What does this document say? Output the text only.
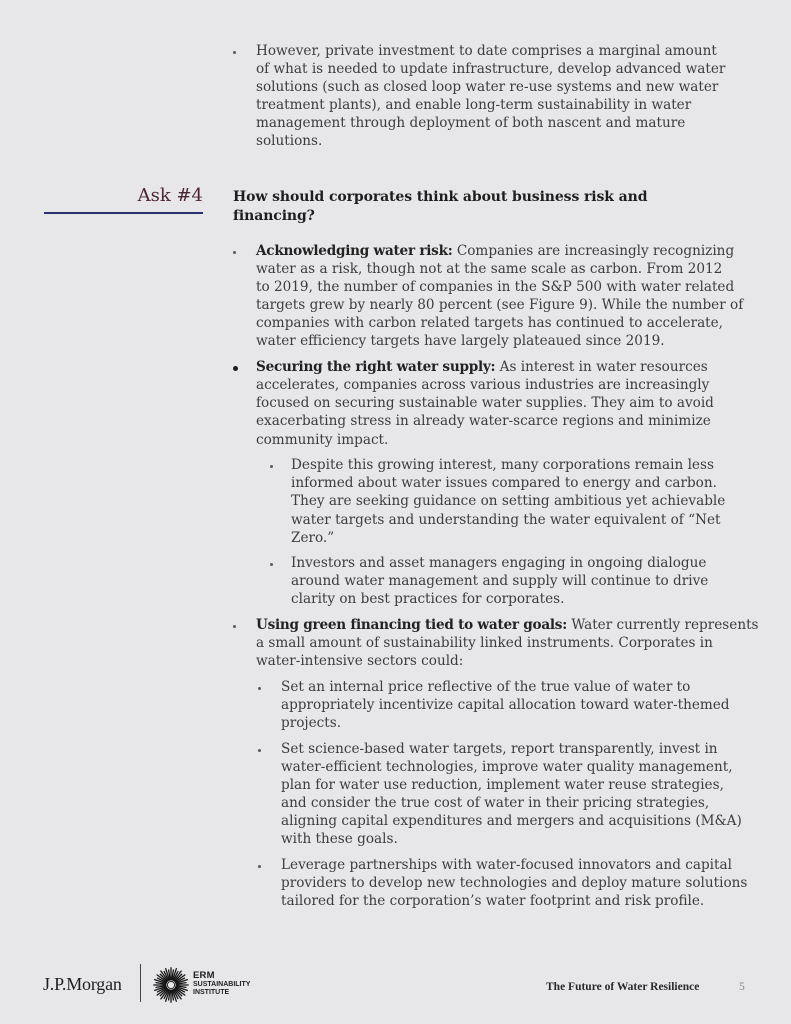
However, private investment to date comprises a marginal amount
of what is needed to update infrastructure, develop advanced water
solutions (such as closed loop water re-use systems and new water
treatment plants), and enable long-term sustainability in water
management through deployment of both nascent and mature
solutions.
Ask #4 How should corporates think about business risk and
financing?
Acknowledging water risk: Companies are increasingly recognizing
water as a risk, though not at the same scale as carbon. From 2012
to 2019, the number of companies in the S&P 500 with water related
targets grew by nearly 80 percent (see Figure 9). While the number of
companies with carbon related targets has continued to accelerate,
water efficiency targets have largely plateaued since 2019.
Securing the right water supply: As interest in water resources
accelerates, companies across various industries are increasingly
focused on securing sustainable water supplies. They aim to avoid
exacerbating stress in already water-scarce regions and minimize
community impact.
Despite this growing interest, many corporations remain less
informed about water issues compared to energy and carbon.
They are seeking guidance on setting ambitious yet achievable
water targets and understanding the water equivalent of “Net
Zero.”
Investors and asset managers engaging in ongoing dialogue
around water management and supply will continue to drive
clarity on best practices for corporates.
Using green financing tied to water goals: Water currently represents
a small amount of sustainability linked instruments. Corporates in
water-intensive sectors could:
Set an internal price reflective of the true value of water to
appropriately incentivize capital allocation toward water-themed
projects.
Set science-based water targets, report transparently, invest in
water-efficient technologies, improve water quality management,
plan for water use reduction, implement water reuse strategies,
and consider the true cost of water in their pricing strategies,
aligning capital expenditures and mergers and acquisitions (M&A)
with these goals.
Leverage partnerships with water-focused innovators and capital
providers to develop new technologies and deploy mature solutions
tailored for the corporation’s water footprint and risk profile.
J.P.Morgan	ERM
SUSTAINABILITY
INSTITUTE	The Future of Water Resilience	5
